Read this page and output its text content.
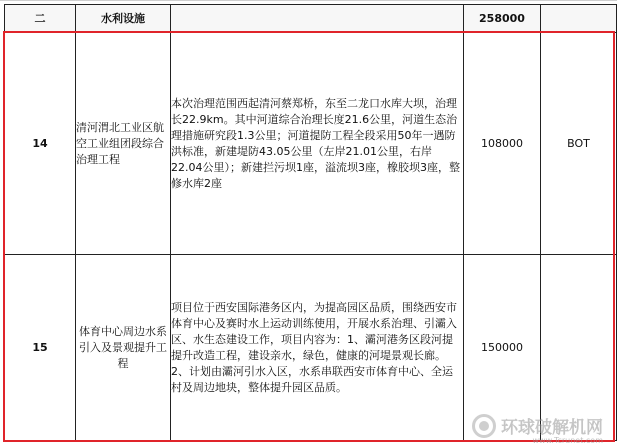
二	水利设施		258000	
14	清河渭北工业区航空工业组团段综合治理工程	本次治理范围西起清河蔡郑桥，东至二龙口水库大坝，治理长22.9km。其中河道综合治理长度21.6公里，河道生态治理措施研究段1.3公里；河道提防工程全段采用50年一遇防洪标准，新建堤防43.05公里（左岸21.01公里，右岸22.04公里）；新建拦污坝1座，溢流坝3座，橡胶坝3座，整修水库2座	108000	BOT
15	体育中心周边水系引入及景观提升工程	项目位于西安国际港务区内，为提高园区品质，围绕西安市体育中心及赛时水上运动训练使用，开展水系治理、引灞入区、水生态建设工作，项目内容为：1、灞河港务区段河提提升改造工程，建设亲水，绿色，健康的河堤景观长廊。2、计划由灞河引水入区，水系串联西安市体育中心、全运村及周边地块，整体提升园区品质。	150000	
环球破解机网
www.Tcrunet.com
